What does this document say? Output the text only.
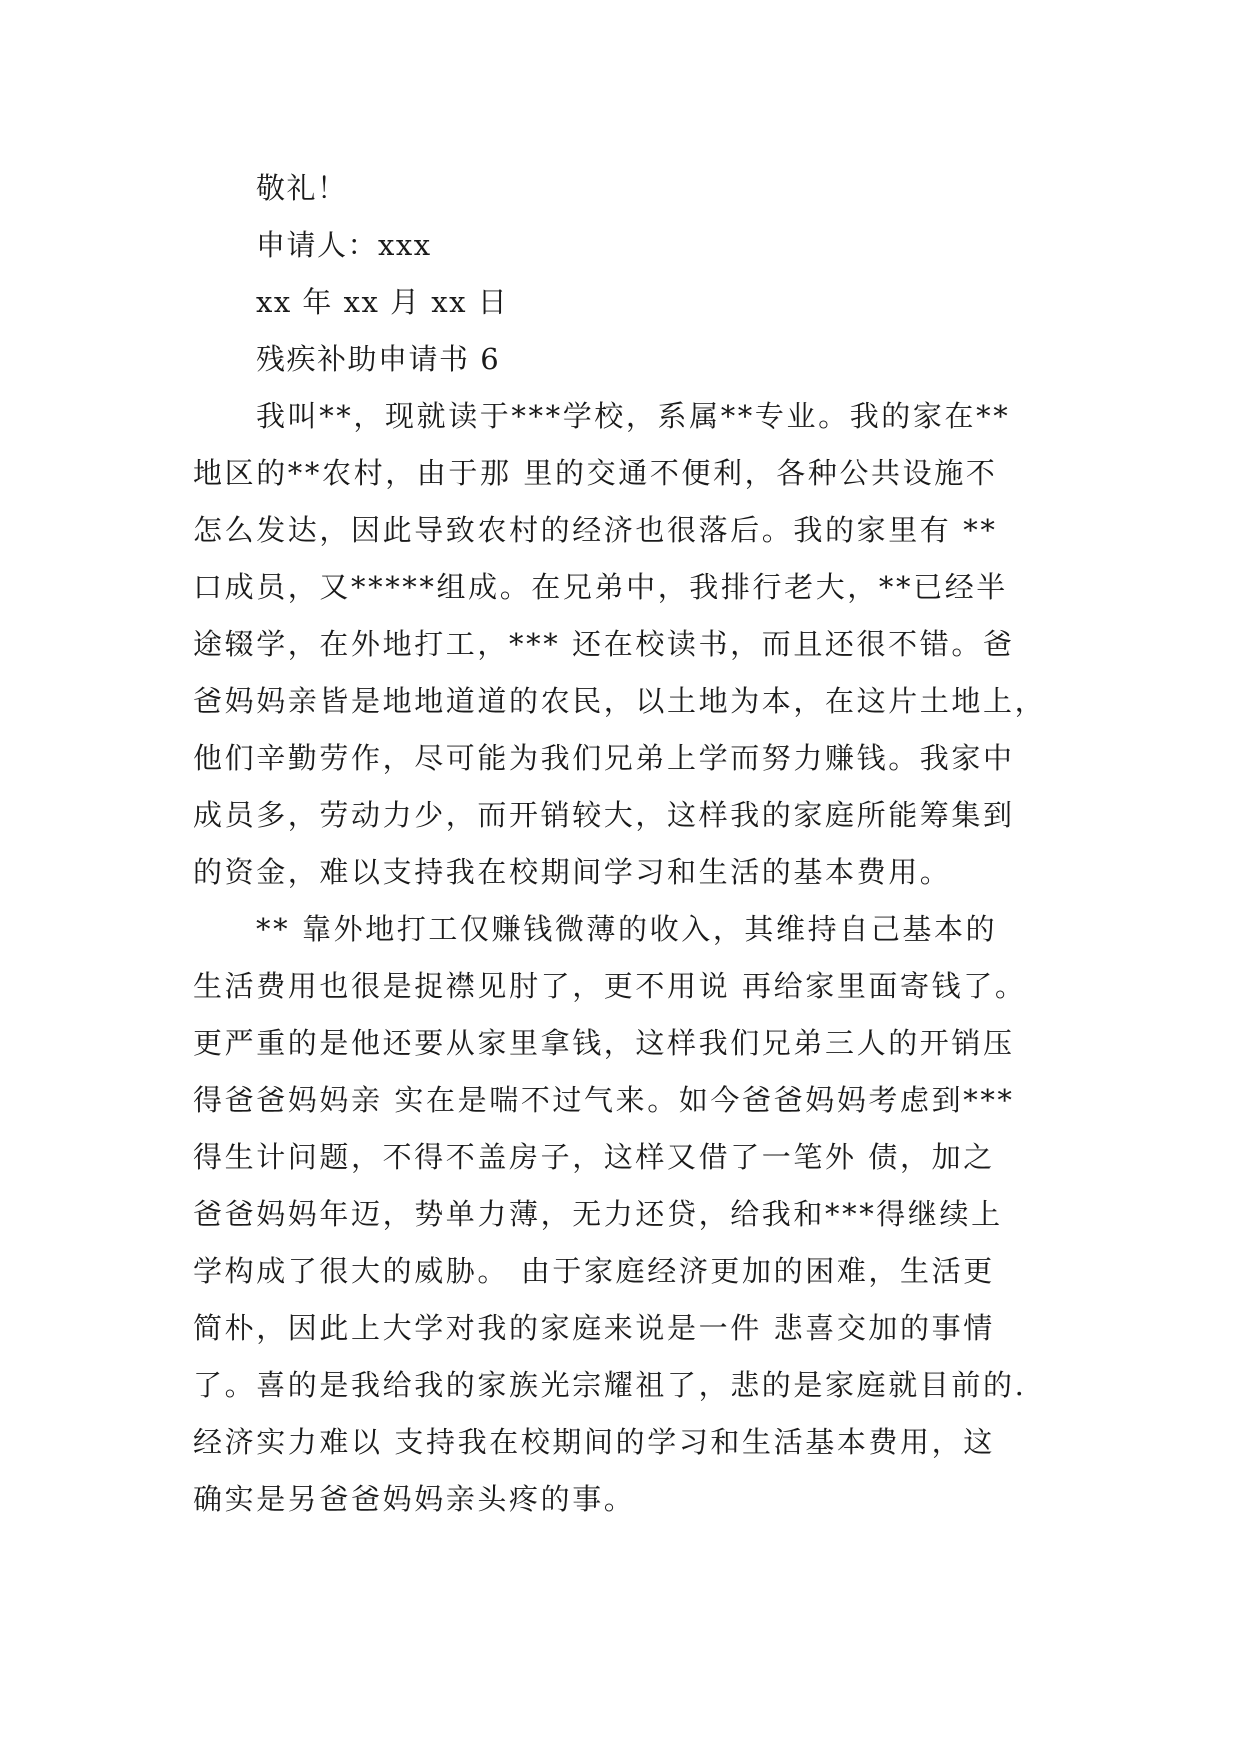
敬礼！

申请人：xxx

xx 年 xx 月 xx 日

残疾补助申请书 6

我叫**，现就读于***学校，系属**专业。我的家在**
地区的**农村，由于那 里的交通不便利，各种公共设施不
怎么发达，因此导致农村的经济也很落后。我的家里有 **
口成员，又*****组成。在兄弟中，我排行老大，**已经半
途辍学，在外地打工，*** 还在校读书，而且还很不错。爸
爸妈妈亲皆是地地道道的农民，以土地为本，在这片土地上，
他们辛勤劳作，尽可能为我们兄弟上学而努力赚钱。我家中
成员多，劳动力少，而开销较大，这样我的家庭所能筹集到
的资金，难以支持我在校期间学习和生活的基本费用。
** 靠外地打工仅赚钱微薄的收入，其维持自己基本的
生活费用也很是捉襟见肘了，更不用说 再给家里面寄钱了。
更严重的是他还要从家里拿钱，这样我们兄弟三人的开销压
得爸爸妈妈亲 实在是喘不过气来。如今爸爸妈妈考虑到***
得生计问题，不得不盖房子，这样又借了一笔外 债，加之
爸爸妈妈年迈，势单力薄，无力还贷，给我和***得继续上
学构成了很大的威胁。 由于家庭经济更加的困难，生活更
简朴，因此上大学对我的家庭来说是一件 悲喜交加的事情
了。喜的是我给我的家族光宗耀祖了，悲的是家庭就目前的.
经济实力难以 支持我在校期间的学习和生活基本费用，这
确实是另爸爸妈妈亲头疼的事。
